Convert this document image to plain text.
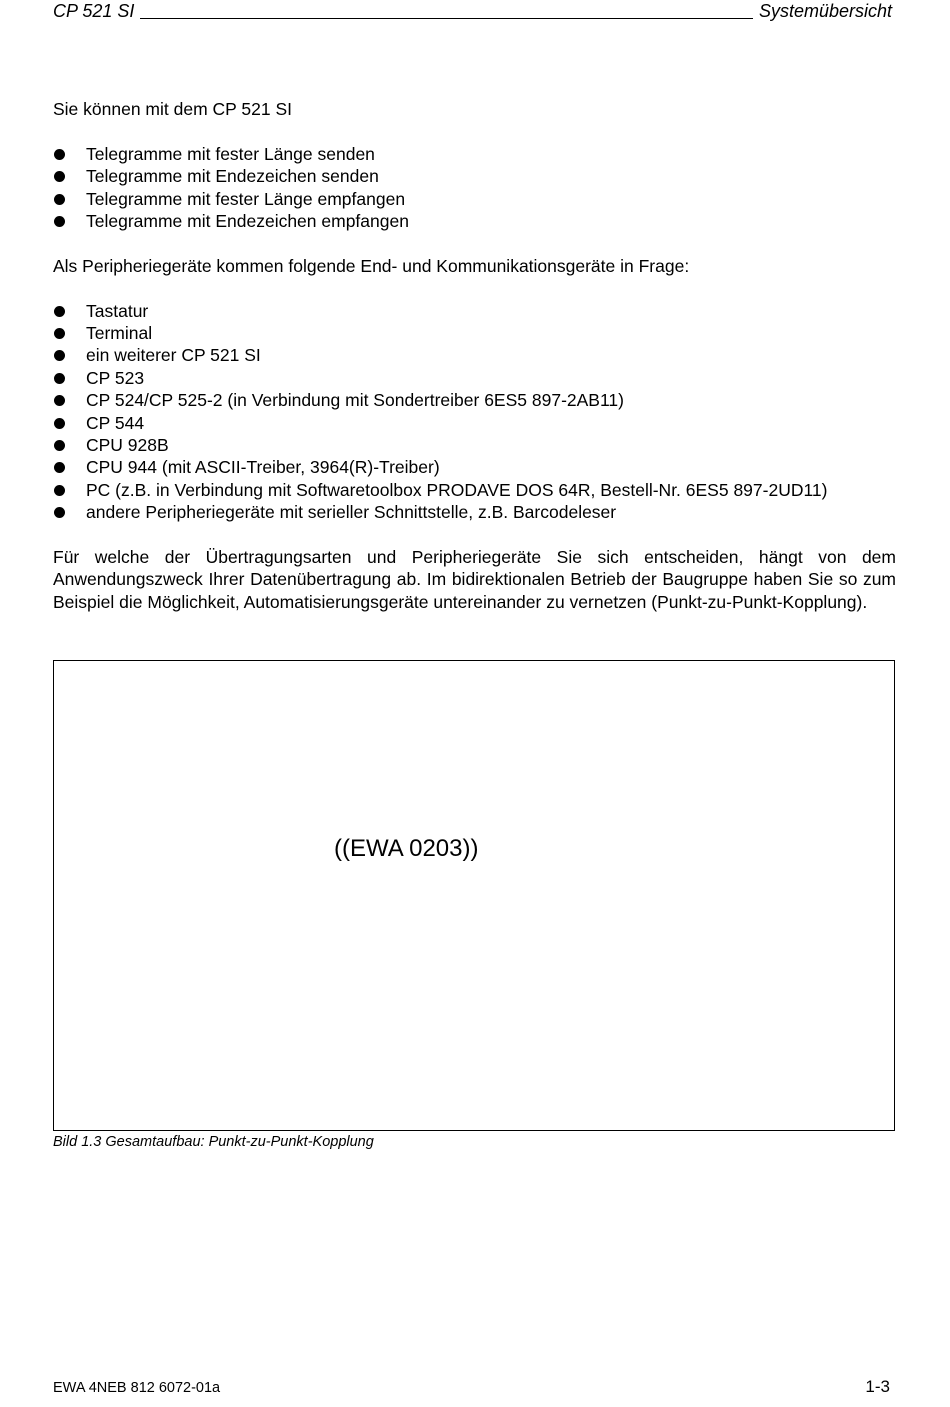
CP 521 SI	Systemübersicht

Sie können mit dem CP 521 SI

Telegramme mit fester Länge senden
Telegramme mit Endezeichen senden
Telegramme mit fester Länge empfangen
Telegramme mit Endezeichen empfangen

Als Peripheriegeräte kommen folgende End- und Kommunikationsgeräte in Frage:

Tastatur
Terminal
ein weiterer CP 521 SI
CP 523
CP 524/CP 525-2 (in Verbindung mit Sondertreiber 6ES5 897-2AB11)
CP 544
CPU 928B
CPU 944 (mit ASCII-Treiber, 3964(R)-Treiber)
PC (z.B. in Verbindung mit Softwaretoolbox PRODAVE DOS 64R, Bestell-Nr. 6ES5 897-2UD11)
andere Peripheriegeräte mit serieller Schnittstelle, z.B. Barcodeleser

Für welche der Übertragungsarten und Peripheriegeräte Sie sich entscheiden, hängt von dem Anwendungszweck Ihrer Datenübertragung ab. Im bidirektionalen Betrieb der Baugruppe haben Sie so zum Beispiel die Möglichkeit, Automatisierungsgeräte untereinander zu vernetzen (Punkt-zu-Punkt-Kopplung).

((EWA 0203))
Bild 1.3 Gesamtaufbau: Punkt-zu-Punkt-Kopplung
EWA 4NEB 812 6072-01a	1-3
